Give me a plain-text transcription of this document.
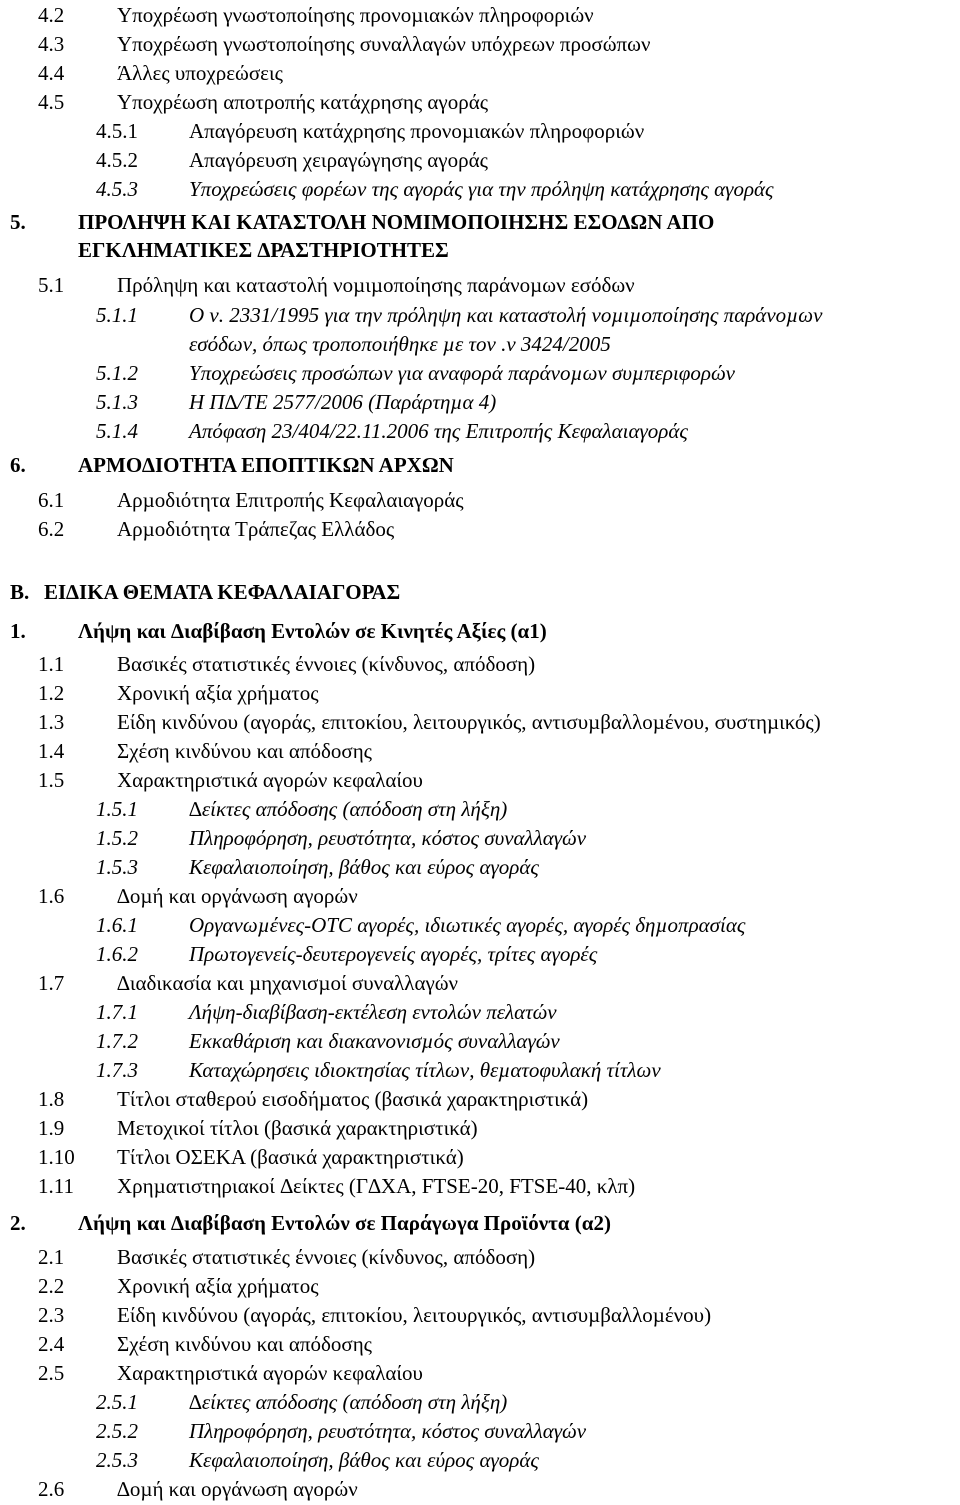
4.2	Υποχρέωση γνωστοποίησης προνοµιακών πληροφοριών
4.3	Υποχρέωση γνωστοποίησης συναλλαγών υπόχρεων προσώπων
4.4	Άλλες υποχρεώσεις
4.5	Υποχρέωση αποτροπής κατάχρησης αγοράς
4.5.1 Απαγόρευση κατάχρησης προνοµιακών πληροφοριών
4.5.2 Απαγόρευση χειραγώγησης αγοράς
4.5.3 Υποχρεώσεις φορέων της αγοράς για την πρόληψη κατάχρησης αγοράς
5. ΠΡΟΛΗΨΗ ΚΑΙ ΚΑΤΑΣΤΟΛΗ ΝΟΜΙΜΟΠΟΙΗΣΗΣ ΕΣΟ∆ΩΝ ΑΠΟ
ΕΓΚΛΗΜΑΤΙΚΕΣ ∆ΡΑΣΤΗΡΙΟΤΗΤΕΣ
5.1	Πρόληψη και καταστολή νοµιµοποίησης παράνοµων εσόδων
5.1.1 Ο ν. 2331/1995 για την πρόληψη και καταστολή νοµιµοποίησης παράνοµων
εσόδων, όπως τροποποιήθηκε µε τον .ν 3424/2005
5.1.2 Υποχρεώσεις προσώπων για αναφορά παράνοµων συµπεριφορών
5.1.3 Η Π∆/ΤΕ 2577/2006 (Παράρτηµα 4)
5.1.4 Απόφαση 23/404/22.11.2006 της Επιτροπής Κεφαλαιαγοράς
6. ΑΡΜΟ∆ΙΟΤΗΤΑ ΕΠΟΠΤΙΚΩΝ ΑΡΧΩΝ
6.1	Αρµοδιότητα Επιτροπής Κεφαλαιαγοράς
6.2	Αρµοδιότητα Τράπεζας Ελλάδος
Β. ΕΙ∆ΙΚΑ ΘΕΜΑΤΑ ΚΕΦΑΛΑΙΑΓΟΡΑΣ
1. Λήψη και ∆ιαβίβαση Εντολών σε Κινητές Αξίες (α1)
1.1	Βασικές στατιστικές έννοιες (κίνδυνος, απόδοση)
1.2	Χρονική αξία χρήµατος
1.3	Είδη κινδύνου (αγοράς, επιτοκίου, λειτουργικός, αντισυµβαλλοµένου, συστηµικός)
1.4	Σχέση κινδύνου και απόδοσης
1.5	Χαρακτηριστικά αγορών κεφαλαίου
1.5.1 ∆είκτες απόδοσης (απόδοση στη λήξη)
1.5.2 Πληροφόρηση, ρευστότητα, κόστος συναλλαγών
1.5.3 Κεφαλαιοποίηση, βάθος και εύρος αγοράς
1.6	∆οµή και οργάνωση αγορών
1.6.1 Οργανωµένες-OTC αγορές, ιδιωτικές αγορές, αγορές δηµοπρασίας
1.6.2 Πρωτογενείς-δευτερογενείς αγορές, τρίτες αγορές
1.7	∆ιαδικασία και µηχανισµοί συναλλαγών
1.7.1 Λήψη-διαβίβαση-εκτέλεση εντολών πελατών
1.7.2 Εκκαθάριση και διακανονισµός συναλλαγών
1.7.3 Καταχώρησεις ιδιοκτησίας τίτλων, θεµατοφυλακή τίτλων
1.8	Τίτλοι σταθερού εισοδήµατος (βασικά χαρακτηριστικά)
1.9	Μετοχικοί τίτλοι (βασικά χαρακτηριστικά)
1.10 Τίτλοι ΟΣΕΚΑ (βασικά χαρακτηριστικά)
1.11 Χρηµατιστηριακοί ∆είκτες (Γ∆ΧΑ, FTSE-20, FTSE-40, κλπ)
2. Λήψη και ∆ιαβίβαση Εντολών σε Παράγωγα Προϊόντα (α2)
2.1	Βασικές στατιστικές έννοιες (κίνδυνος, απόδοση)
2.2	Χρονική αξία χρήµατος
2.3	Είδη κινδύνου (αγοράς, επιτοκίου, λειτουργικός, αντισυµβαλλοµένου)
2.4	Σχέση κινδύνου και απόδοσης
2.5	Χαρακτηριστικά αγορών κεφαλαίου
2.5.1 ∆είκτες απόδοσης (απόδοση στη λήξη)
2.5.2 Πληροφόρηση, ρευστότητα, κόστος συναλλαγών
2.5.3 Κεφαλαιοποίηση, βάθος και εύρος αγοράς
2.6	∆οµή και οργάνωση αγορών
